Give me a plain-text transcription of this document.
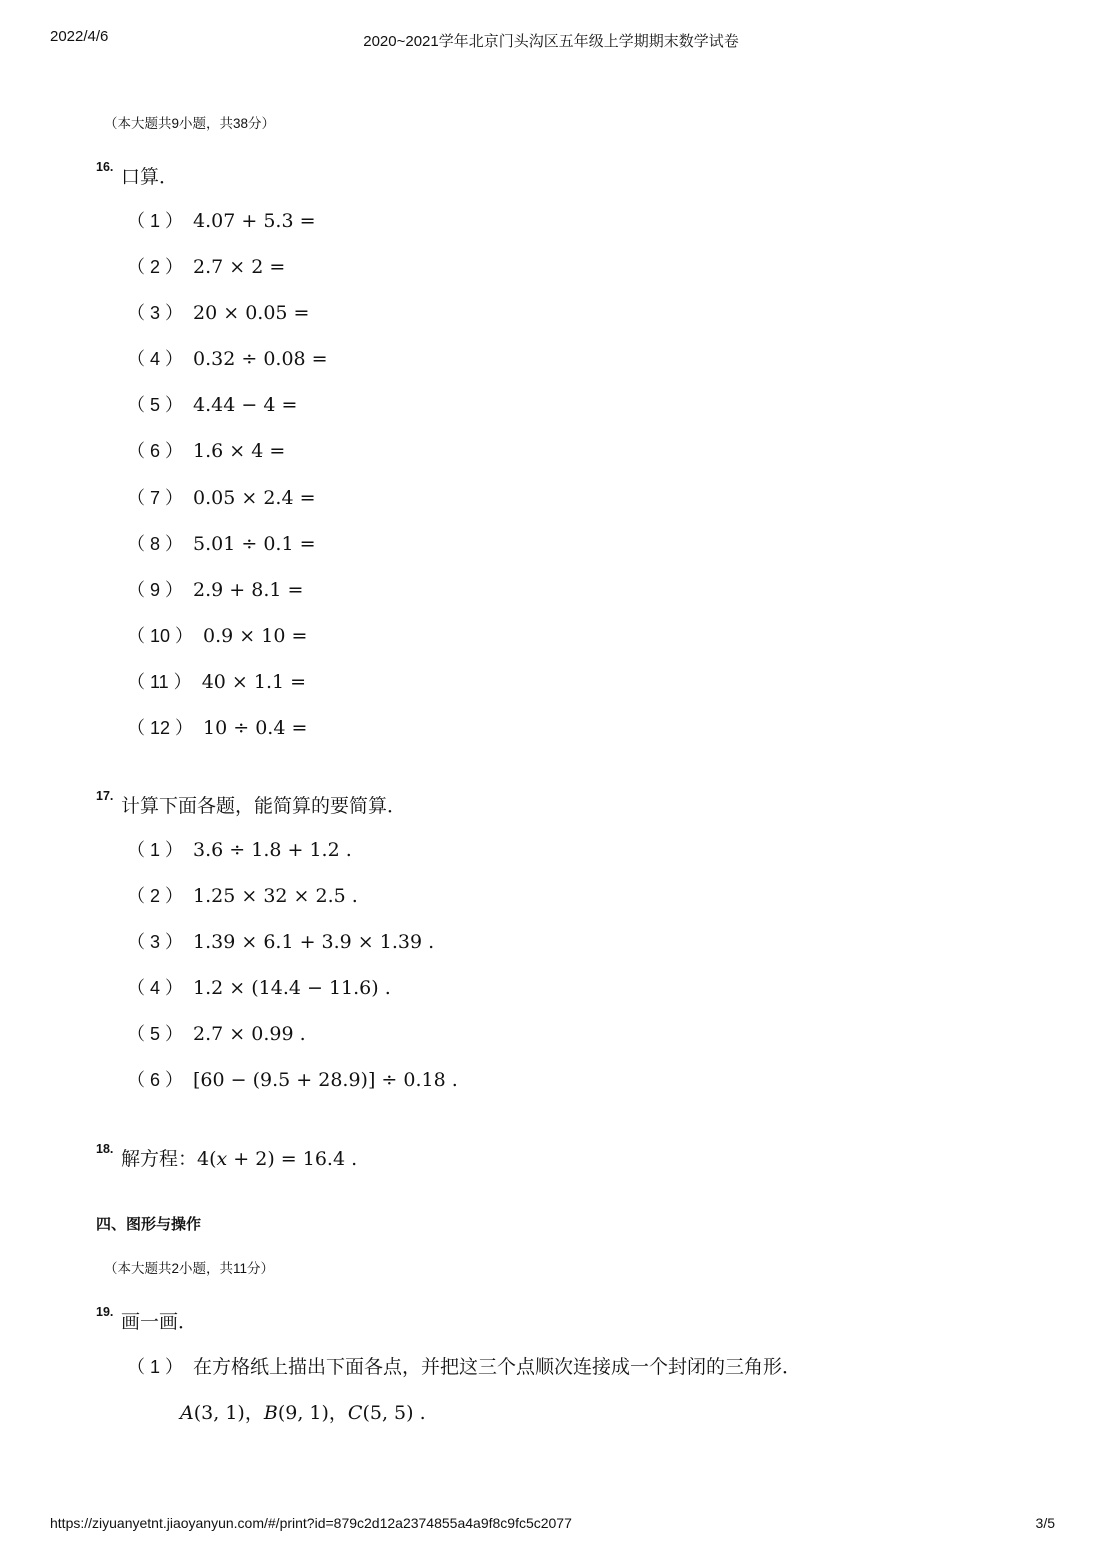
2022/4/6	2020~2021学年北京门头沟区五年级上学期期末数学试卷
（本大题共9小题，共38分）
16. 口算．
（ 1 ） 4.07 + 5.3 =
（ 2 ） 2.7 × 2 =
（ 3 ） 20 × 0.05 =
（ 4 ） 0.32 ÷ 0.08 =
（ 5 ） 4.44 − 4 =
（ 6 ） 1.6 × 4 =
（ 7 ） 0.05 × 2.4 =
（ 8 ） 5.01 ÷ 0.1 =
（ 9 ） 2.9 + 8.1 =
（ 10 ） 0.9 × 10 =
（ 11 ） 40 × 1.1 =
（ 12 ） 10 ÷ 0.4 =
17. 计算下面各题，能简算的要简算．
（ 1 ） 3.6 ÷ 1.8 + 1.2 .
（ 2 ） 1.25 × 32 × 2.5 .
（ 3 ） 1.39 × 6.1 + 3.9 × 1.39 .
（ 4 ） 1.2 × (14.4 − 11.6) .
（ 5 ） 2.7 × 0.99 .
（ 6 ） [60 − (9.5 + 28.9)] ÷ 0.18 .
18. 解方程：4(x + 2) = 16.4 .
四、图形与操作
（本大题共2小题，共11分）
19. 画一画．
（ 1 ） 在方格纸上描出下面各点，并把这三个点顺次连接成一个封闭的三角形．
A(3, 1)，B(9, 1)，C(5, 5) .
https://ziyuanyetnt.jiaoyanyun.com/#/print?id=879c2d12a2374855a4a9f8c9fc5c2077	3/5
